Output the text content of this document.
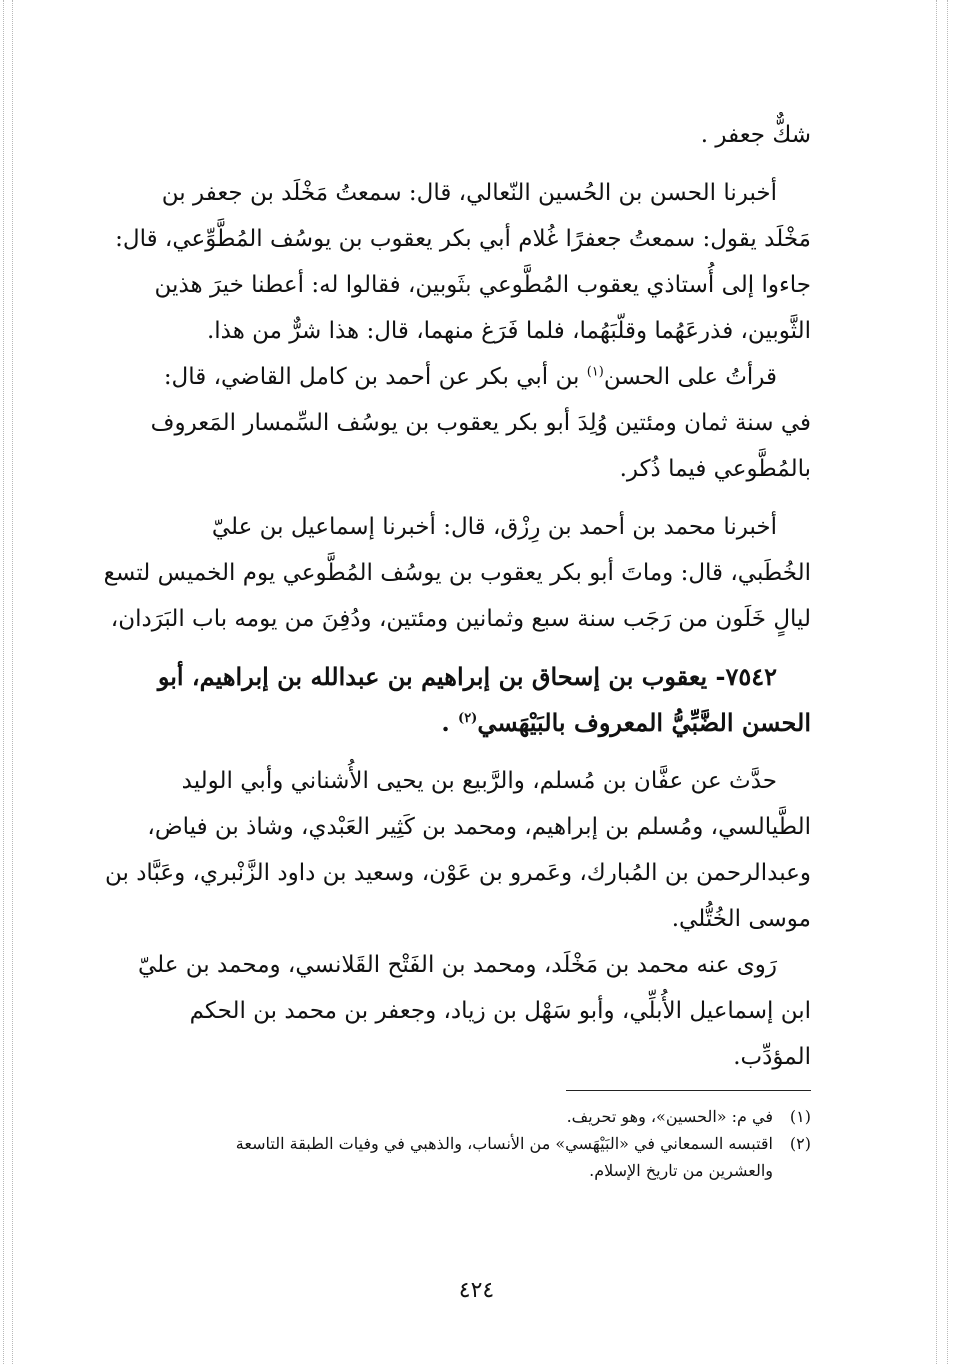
شكٌّ جعفر .

أخبرنا الحسن بن الحُسين النّعالي، قال: سمعتُ مَخْلَد بن جعفر بن

مَخْلَد يقول: سمعتُ جعفرًا غُلام أبي بكر يعقوب بن يوسُف المُطَّوِّعي، قال:

جاءوا إلى أُستاذي يعقوب المُطَّوعي بثَوبين، فقالوا له: أعطنا خيرَ هذين

الثَّوبين، فذرعَهُما وقلّبَهُما، فلما فَرَغ منهما، قال: هذا شرٌّ من هذا.

قرأتُ على الحسن$^{(١)}$ بن أبي بكر عن أحمد بن كامل القاضي، قال:

في سنة ثمان ومئتين وُلِدَ أبو بكر يعقوب بن يوسُف السِّمسار المَعروف

بالمُطَّوعي فيما ذُكر.

أخبرنا محمد بن أحمد بن رِزْق، قال: أخبرنا إسماعيل بن عليّ

الخُطَبي، قال: وماتَ أبو بكر يعقوب بن يوسُف المُطَّوعي يوم الخميس لتسع

ليالٍ خَلَون من رَجَب سنة سبع وثمانين ومئتين، ودُفِنَ من يومه باب البَرَدان،

٧٥٤٢- يعقوب بن إسحاق بن إبراهيم بن عبدالله بن إبراهيم، أبو

الحسن الضَّبِّيُّ المعروف بالبَيْهَسي$^{(٢)}$ .

حدَّث عن عفَّان بن مُسلم، والرَّبيع بن يحيى الأُشناني وأبي الوليد

الطَّيالسي، ومُسلم بن إبراهيم، ومحمد بن كَثِير العَبْدي، وشاذ بن فياض،

وعبدالرحمن بن المُبارك، وعَمرو بن عَوْن، وسعيد بن داود الزَّنْبري، وعَبَّاد بن

موسى الخُتُّلي.

رَوى عنه محمد بن مَخْلَد، ومحمد بن الفَتْح القَلانسي، ومحمد بن عليّ

ابن إسماعيل الأُبلِّي، وأبو سَهْل بن زياد، وجعفر بن محمد بن الحكم

المؤدِّب.

(١)في م: «الحسين»، وهو تحريف.
(٢)اقتبسه السمعاني في «البَيْهَسي» من الأنساب، والذهبي في وفيات الطبقة التاسعة
والعشرين من تاريخ الإسلام.
٤٢٤
